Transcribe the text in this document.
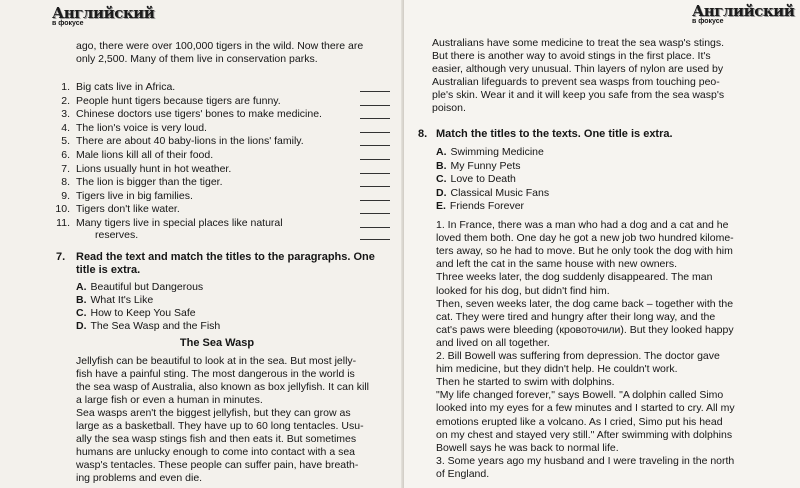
Английский
в фокусе
ago, there were over 100,000 tigers in the wild. Now there are
only 2,500. Many of them live in conservation parks.
1. Big cats live in Africa.
2. People hunt tigers because tigers are funny.
3. Chinese doctors use tigers' bones to make medicine.
4. The lion's voice is very loud.
5. There are about 40 baby-lions in the lions' family.
6. Male lions kill all of their food.
7. Lions usually hunt in hot weather.
8. The lion is bigger than the tiger.
9. Tigers live in big families.
10. Tigers don't like water.
11. Many tigers live in special places like natural
reserves.
7. Read the text and match the titles to the paragraphs. One
title is extra.
A. Beautiful but Dangerous
B. What It's Like
C. How to Keep You Safe
D. The Sea Wasp and the Fish
The Sea Wasp
Jellyfish can be beautiful to look at in the sea. But most jelly-
fish have a painful sting. The most dangerous in the world is
the sea wasp of Australia, also known as box jellyfish. It can kill
a large fish or even a human in minutes.
Sea wasps aren't the biggest jellyfish, but they can grow as
large as a basketball. They have up to 60 long tentacles. Usu-
ally the sea wasp stings fish and then eats it. But sometimes
humans are unlucky enough to come into contact with a sea
wasp's tentacles. These people can suffer pain, have breath-
ing problems and even die.
Английский
в фокусе
Australians have some medicine to treat the sea wasp's stings.
But there is another way to avoid stings in the first place. It's
easier, although very unusual. Thin layers of nylon are used by
Australian lifeguards to prevent sea wasps from touching peo-
ple's skin. Wear it and it will keep you safe from the sea wasp's
poison.
8. Match the titles to the texts. One title is extra.
A. Swimming Medicine
B. My Funny Pets
C. Love to Death
D. Classical Music Fans
E. Friends Forever
1. In France, there was a man who had a dog and a cat and he
loved them both. One day he got a new job two hundred kilome-
ters away, so he had to move. But he only took the dog with him
and left the cat in the same house with new owners.
Three weeks later, the dog suddenly disappeared. The man
looked for his dog, but didn't find him.
Then, seven weeks later, the dog came back – together with the
cat. They were tired and hungry after their long way, and the
cat's paws were bleeding (кровоточили). But they looked happy
and lived on all together.
2. Bill Bowell was suffering from depression. The doctor gave
him medicine, but they didn't help. He couldn't work.
Then he started to swim with dolphins.
"My life changed forever," says Bowell. "A dolphin called Simo
looked into my eyes for a few minutes and I started to cry. All my
emotions erupted like a volcano. As I cried, Simo put his head
on my chest and stayed very still." After swimming with dolphins
Bowell says he was back to normal life.
3. Some years ago my husband and I were traveling in the north
of England.
